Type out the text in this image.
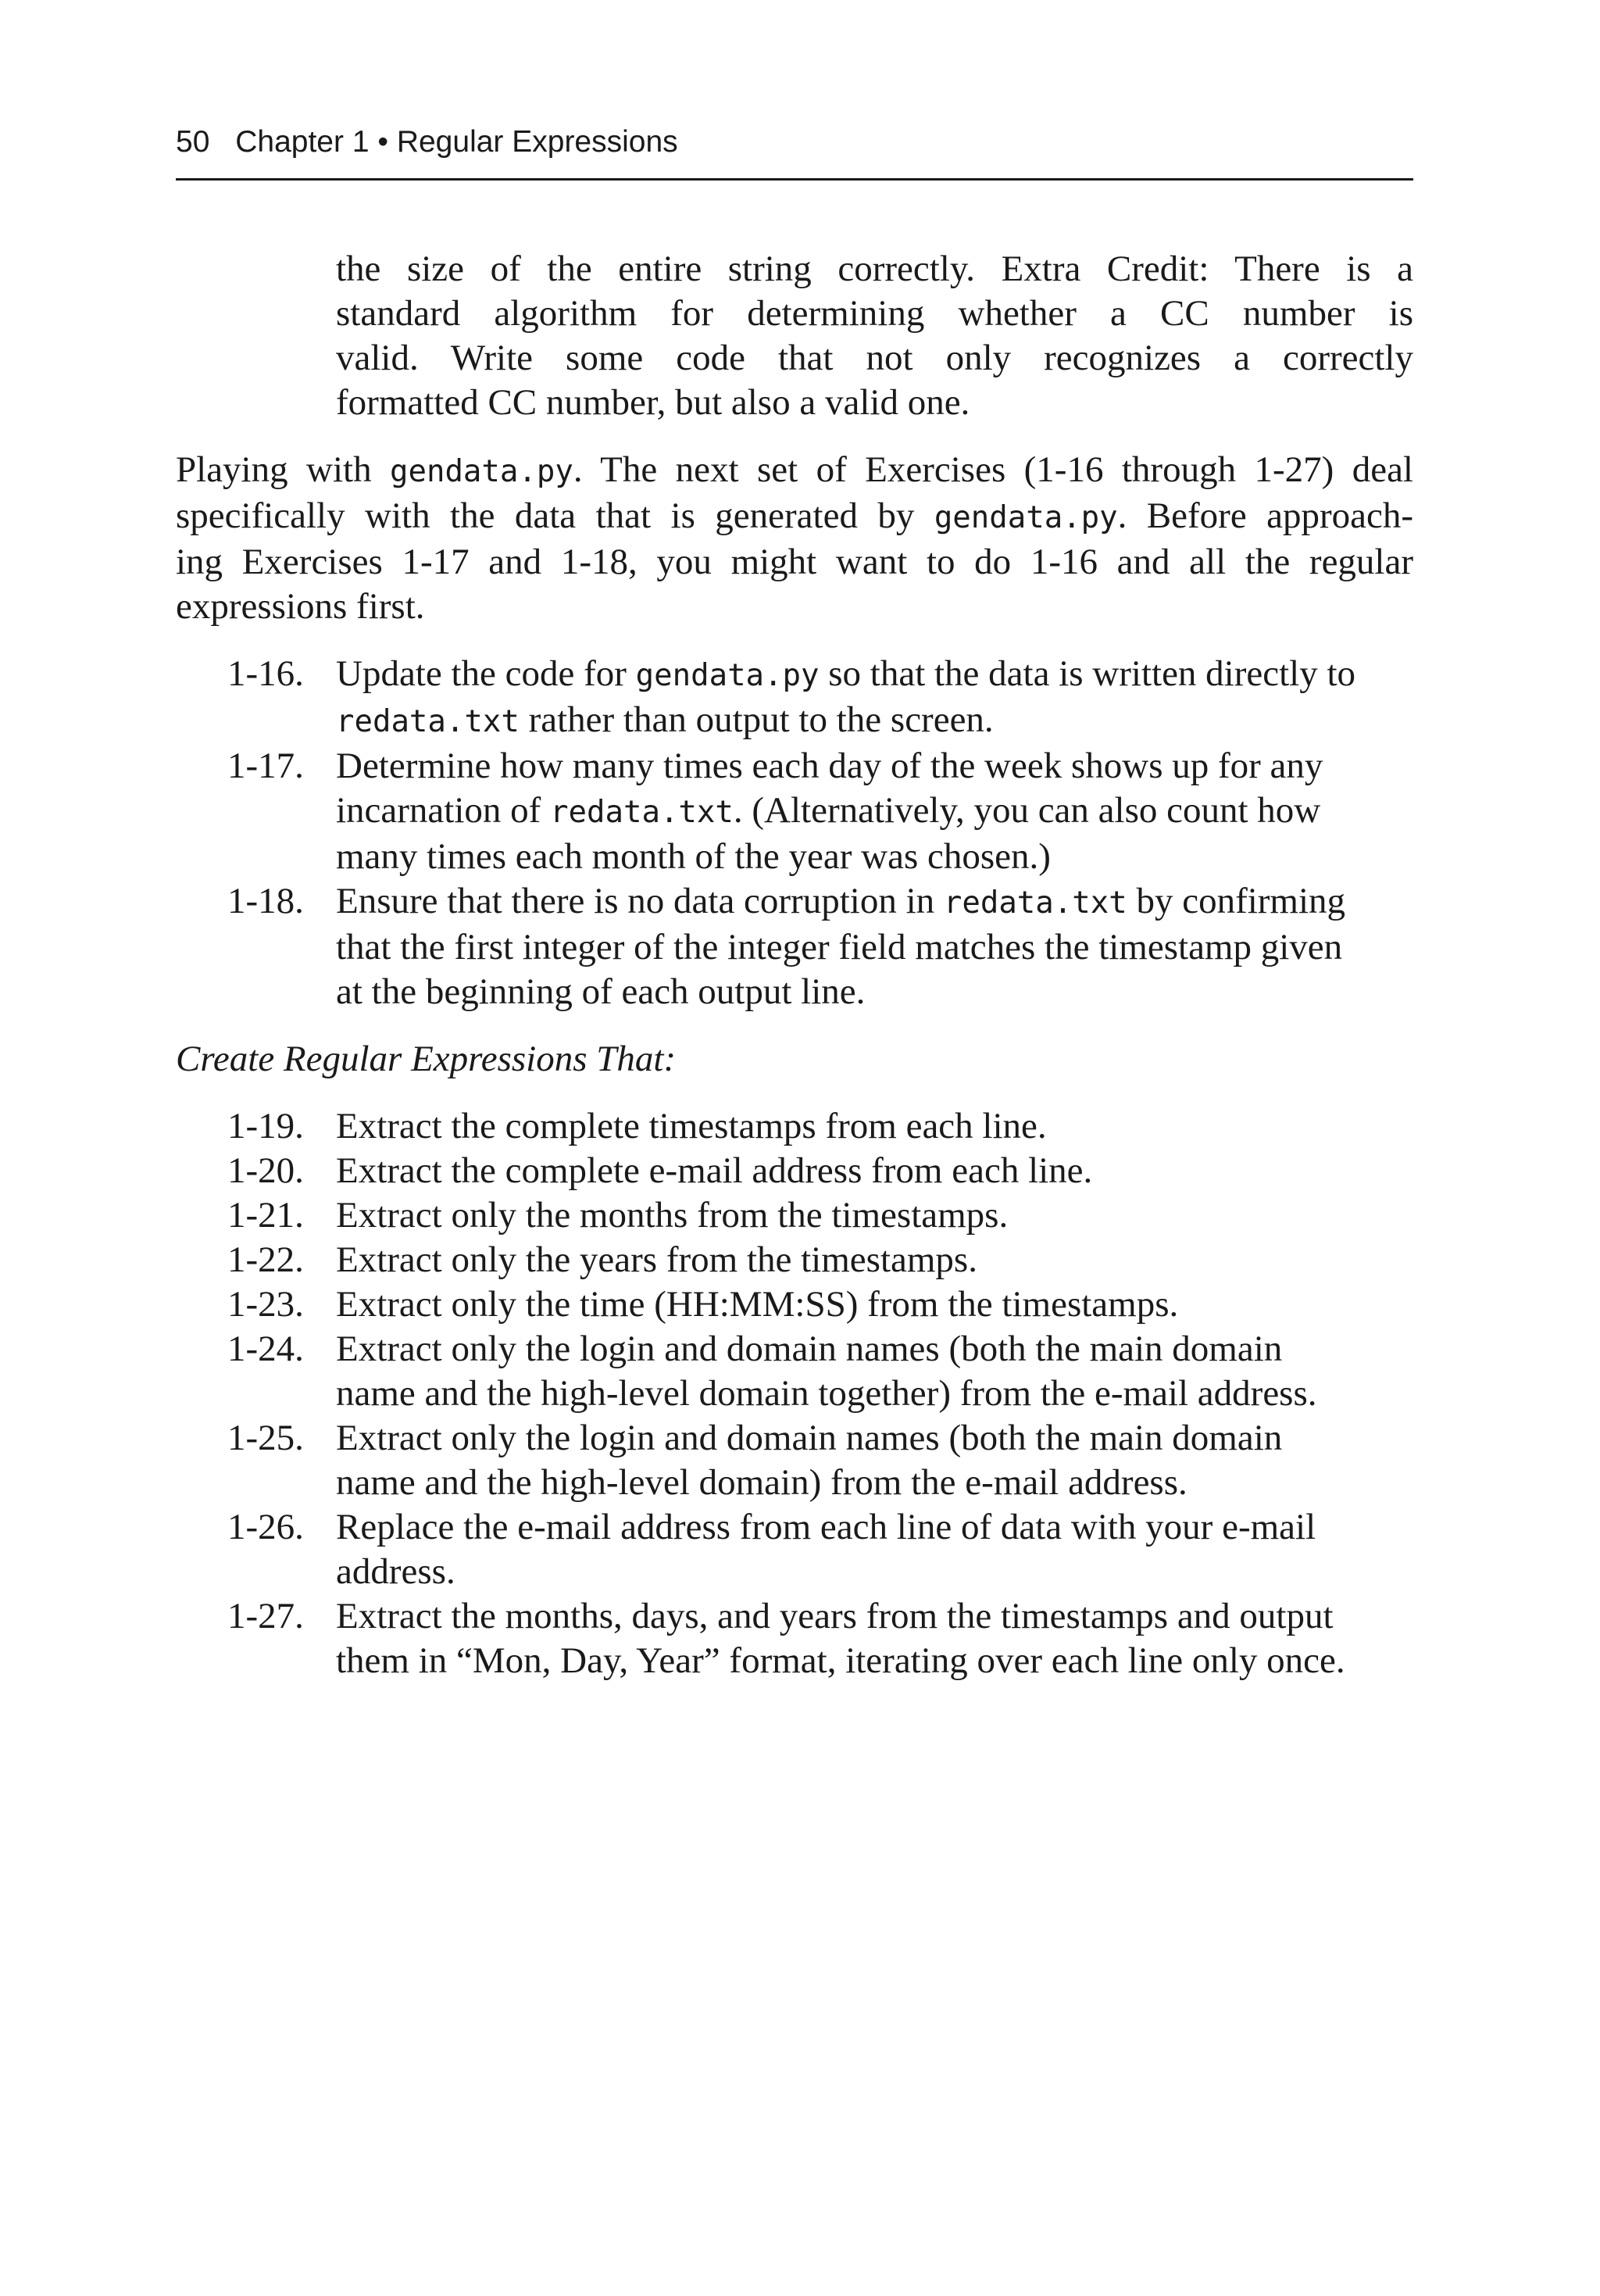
50 Chapter 1 • Regular Expressions

the size of the entire string correctly. Extra Credit: There is a
standard algorithm for determining whether a CC number is
valid. Write some code that not only recognizes a correctly
formatted CC number, but also a valid one.

Playing with gendata.py. The next set of Exercises (1-16 through 1-27) deal
specifically with the data that is generated by gendata.py. Before approach-
ing Exercises 1-17 and 1-18, you might want to do 1-16 and all the regular
expressions first.

1-16. Update the code for gendata.py so that the data is written directly to redata.txt rather than output to the screen.
1-17. Determine how many times each day of the week shows up for any incarnation of redata.txt. (Alternatively, you can also count how many times each month of the year was chosen.)
1-18. Ensure that there is no data corruption in redata.txt by confirming that the first integer of the integer field matches the timestamp given at the beginning of each output line.

Create Regular Expressions That:

1-19. Extract the complete timestamps from each line.
1-20. Extract the complete e-mail address from each line.
1-21. Extract only the months from the timestamps.
1-22. Extract only the years from the timestamps.
1-23. Extract only the time (HH:MM:SS) from the timestamps.
1-24. Extract only the login and domain names (both the main domain name and the high-level domain together) from the e-mail address.
1-25. Extract only the login and domain names (both the main domain name and the high-level domain) from the e-mail address.
1-26. Replace the e-mail address from each line of data with your e-mail address.
1-27. Extract the months, days, and years from the timestamps and output them in “Mon, Day, Year” format, iterating over each line only once.
